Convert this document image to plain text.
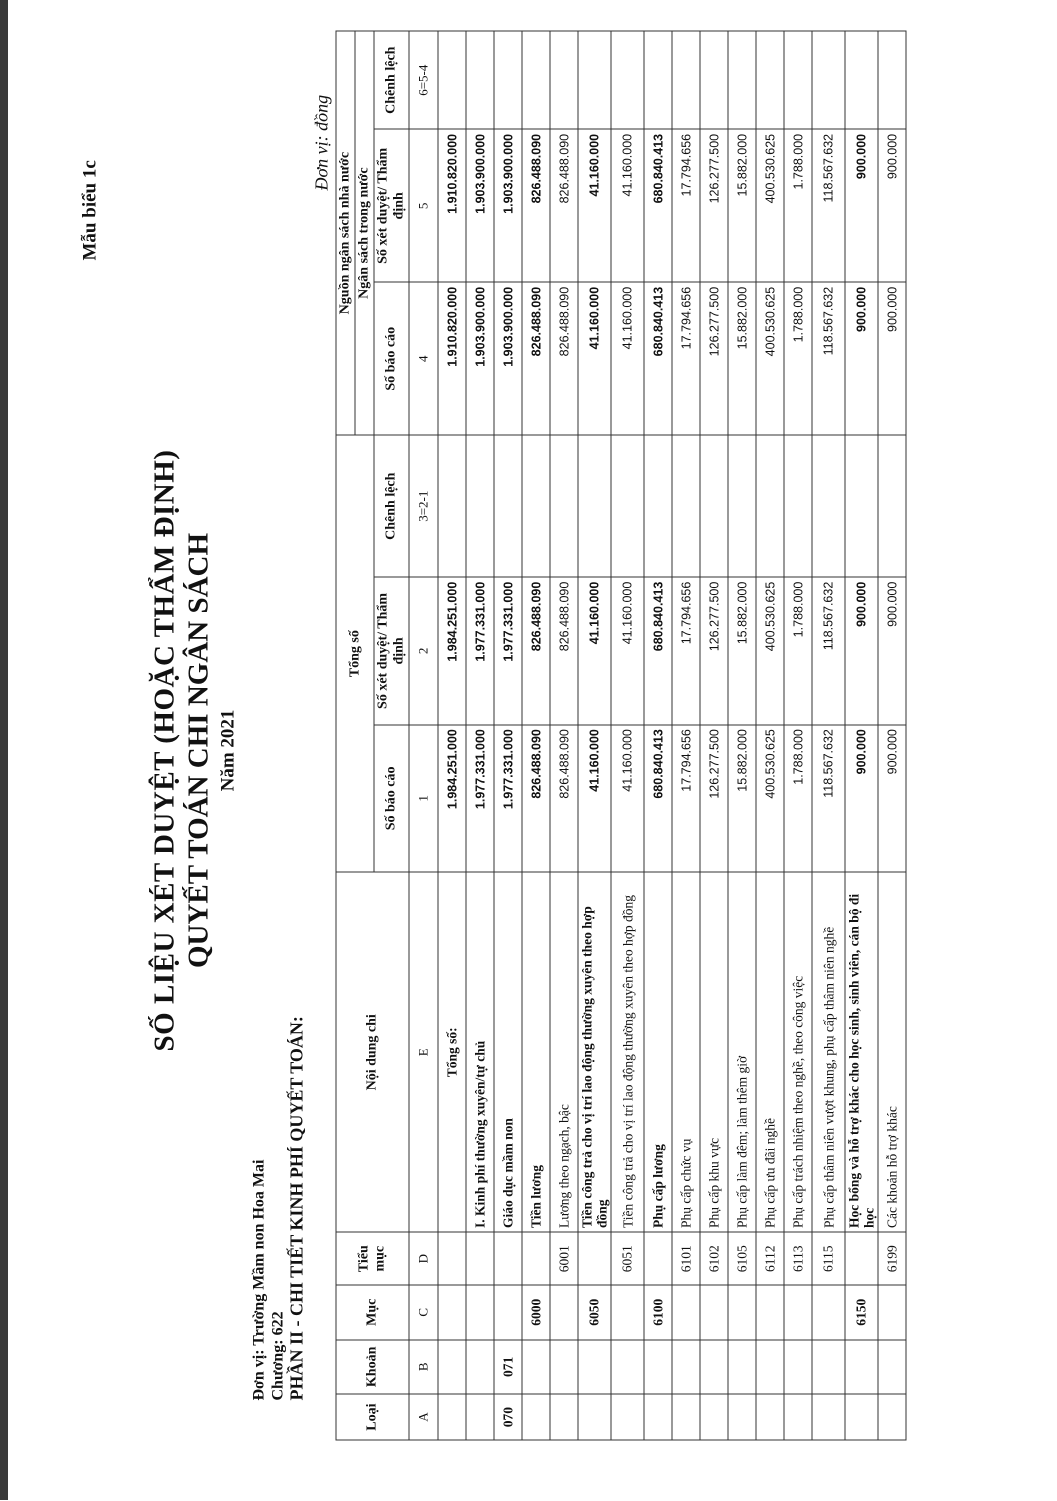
Mẫu biểu 1c
SỐ LIỆU XÉT DUYỆT (HOẶC THẨM ĐỊNH) QUYẾT TOÁN CHI NGÂN SÁCH Năm 2021
Đơn vị: Trường Mầm non Hoa Mai Chương: 622 PHẦN II - CHI TIẾT KINH PHÍ QUYẾT TOÁN:
Đơn vị: đồng
Loại	Khoản	Mục	Tiểu mục	Nội dung chi	Tổng số			Nguồn ngân sách nhà nước		
								Ngân sách trong nước		
					Số báo cáo	Số xét duyệt/ Thẩm định	Chênh lệch	Số báo cáo	Số xét duyệt/ Thẩm định	Chênh lệch
A	B	C	D	E	1	2	3=2-1	4	5	6=5-4
				Tổng số:	1.984.251.000	1.984.251.000		1.910.820.000	1.910.820.000	
				I. Kinh phí thường xuyên/tự chủ	1.977.331.000	1.977.331.000		1.903.900.000	1.903.900.000	
070	071			Giáo dục mầm non	1.977.331.000	1.977.331.000		1.903.900.000	1.903.900.000	
		6000		Tiền lương	826.488.090	826.488.090		826.488.090	826.488.090	
			6001	Lương theo ngạch, bậc	826.488.090	826.488.090		826.488.090	826.488.090	
		6050		Tiền công trả cho vị trí lao động thường xuyên theo hợp đồng	41.160.000	41.160.000		41.160.000	41.160.000	
			6051	Tiền công trả cho vị trí lao động thường xuyên theo hợp đồng	41.160.000	41.160.000		41.160.000	41.160.000	
		6100		Phụ cấp lương	680.840.413	680.840.413		680.840.413	680.840.413	
			6101	Phụ cấp chức vụ	17.794.656	17.794.656		17.794.656	17.794.656	
			6102	Phụ cấp khu vực	126.277.500	126.277.500		126.277.500	126.277.500	
			6105	Phụ cấp làm đêm; làm thêm giờ	15.882.000	15.882.000		15.882.000	15.882.000	
			6112	Phụ cấp ưu đãi nghề	400.530.625	400.530.625		400.530.625	400.530.625	
			6113	Phụ cấp trách nhiệm theo nghề, theo công việc	1.788.000	1.788.000		1.788.000	1.788.000	
			6115	Phụ cấp thâm niên vượt khung, phụ cấp thâm niên nghề	118.567.632	118.567.632		118.567.632	118.567.632	
		6150		Học bổng và hỗ trợ khác cho học sinh, sinh viên, cán bộ đi học	900.000	900.000		900.000	900.000	
			6199	Các khoản hỗ trợ khác	900.000	900.000		900.000	900.000	
